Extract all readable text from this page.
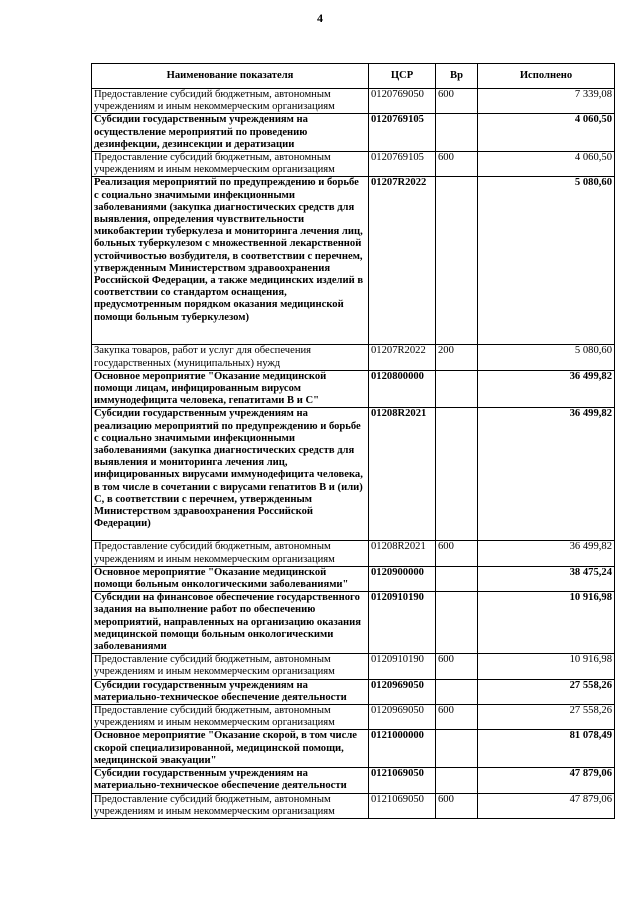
4
Наименование показателя	ЦСР	Вр	Исполнено
Предоставление субсидий бюджетным, автономным учреждениям и иным некоммерческим организациям	0120769050	600	7 339,08
Субсидии государственным учреждениям на осуществление мероприятий по проведению дезинфекции, дезинсекции и дератизации	0120769105		4 060,50
Предоставление субсидий бюджетным, автономным учреждениям и иным некоммерческим организациям	0120769105	600	4 060,50
Реализация мероприятий по предупреждению и борьбе с социально значимыми инфекционными заболеваниями (закупка диагностических средств для выявления, определения чувствительности микобактерии туберкулеза и мониторинга лечения лиц, больных туберкулезом с множественной лекарственной устойчивостью возбудителя, в соответствии с перечнем, утвержденным Министерством здравоохранения Российской Федерации, а также медицинских изделий в соответствии со стандартом оснащения, предусмотренным порядком оказания медицинской помощи больным туберкулезом)	01207R2022		5 080,60
Закупка товаров, работ и услуг для обеспечения государственных (муниципальных) нужд	01207R2022	200	5 080,60
Основное мероприятие "Оказание медицинской помощи лицам, инфицированным вирусом иммунодефицита человека, гепатитами В и С"	0120800000		36 499,82
Субсидии государственным учреждениям на реализацию мероприятий по предупреждению и борьбе с социально значимыми инфекционными заболеваниями (закупка диагностических средств для выявления и мониторинга лечения лиц, инфицированных вирусами иммунодефицита человека, в том числе в сочетании с вирусами гепатитов В и (или) С, в соответствии с перечнем, утвержденным Министерством здравоохранения Российской Федерации)	01208R2021		36 499,82
Предоставление субсидий бюджетным, автономным учреждениям и иным некоммерческим организациям	01208R2021	600	36 499,82
Основное мероприятие "Оказание медицинской помощи больным онкологическими заболеваниями"	0120900000		38 475,24
Субсидии на финансовое обеспечение государственного задания на выполнение работ по обеспечению мероприятий, направленных на организацию оказания медицинской помощи больным онкологическими заболеваниями	0120910190		10 916,98
Предоставление субсидий бюджетным, автономным учреждениям и иным некоммерческим организациям	0120910190	600	10 916,98
Субсидии государственным учреждениям на материально-техническое обеспечение деятельности	0120969050		27 558,26
Предоставление субсидий бюджетным, автономным учреждениям и иным некоммерческим организациям	0120969050	600	27 558,26
Основное мероприятие "Оказание скорой, в том числе скорой специализированной, медицинской помощи, медицинской эвакуации"	0121000000		81 078,49
Субсидии государственным учреждениям на материально-техническое обеспечение деятельности	0121069050		47 879,06
Предоставление субсидий бюджетным, автономным учреждениям и иным некоммерческим организациям	0121069050	600	47 879,06
